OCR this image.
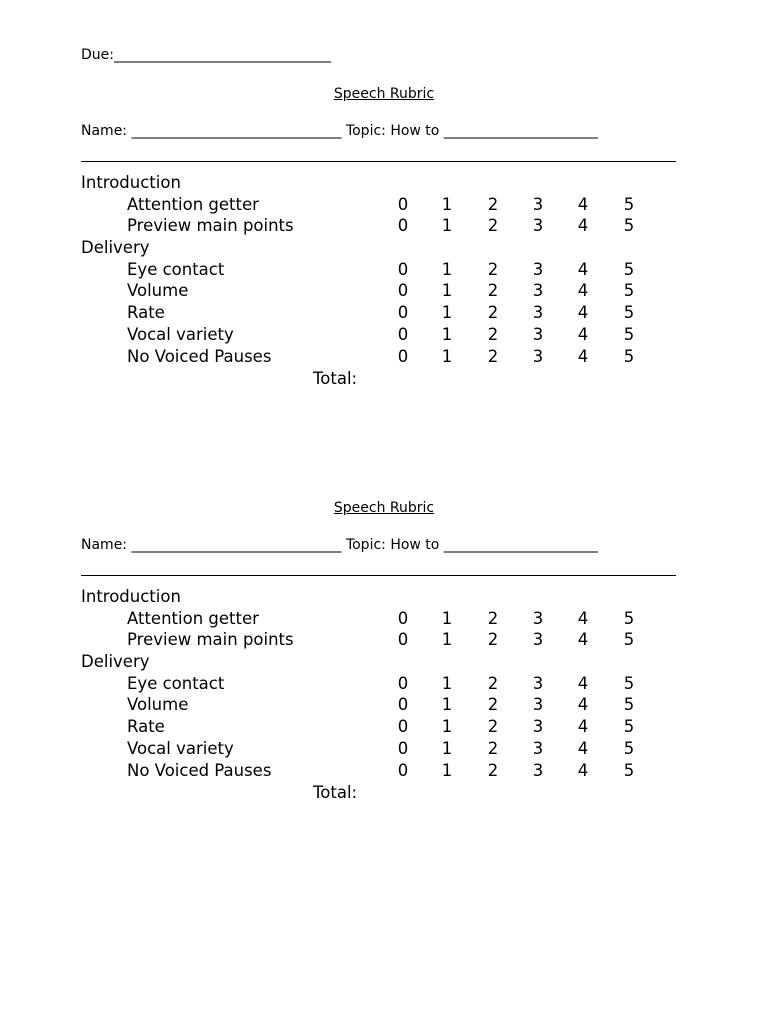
Due:_______________________________
Speech Rubric
Name: ______________________________ Topic: How to ______________________
Introduction
Attention getter	0 1 2 3 4 5
Preview main points	0 1 2 3 4 5
Delivery
Eye contact	0 1 2 3 4 5
Volume	0 1 2 3 4 5
Rate	0 1 2 3 4 5
Vocal variety	0 1 2 3 4 5
No Voiced Pauses	0 1 2 3 4 5
Total:
Speech Rubric
Name: ______________________________ Topic: How to ______________________
Introduction
Attention getter	0 1 2 3 4 5
Preview main points	0 1 2 3 4 5
Delivery
Eye contact	0 1 2 3 4 5
Volume	0 1 2 3 4 5
Rate	0 1 2 3 4 5
Vocal variety	0 1 2 3 4 5
No Voiced Pauses	0 1 2 3 4 5
Total:
